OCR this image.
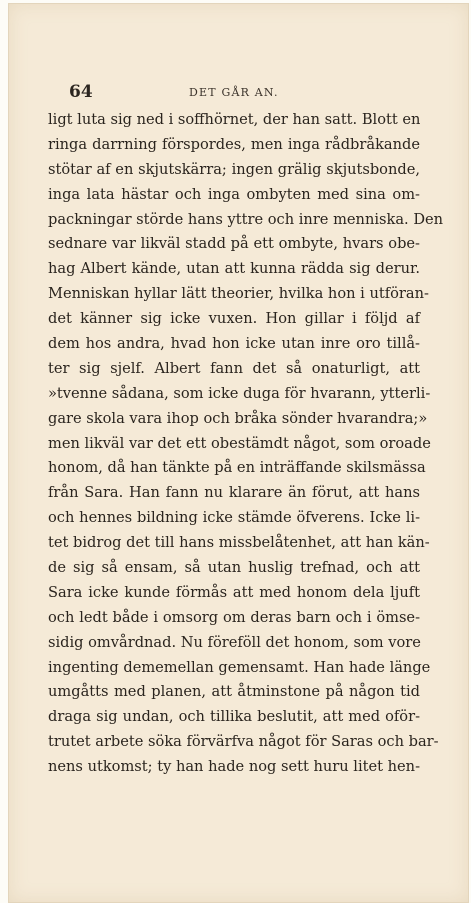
64	DET GÅR AN.
ligt luta sig ned i soffhörnet, der han satt. Blott en
ringa darrning förspordes, men inga rådbråkande
stötar af en skjutskärra; ingen grälig skjutsbonde,
inga lata hästar och inga ombyten med sina om-
packningar störde hans yttre och inre menniska. Den
sednare var likväl stadd på ett ombyte, hvars obe-
hag Albert kände, utan att kunna rädda sig derur.
Menniskan hyllar lätt theorier, hvilka hon i utföran-
det känner sig icke vuxen. Hon gillar i följd af
dem hos andra, hvad hon icke utan inre oro tillå-
ter sig sjelf. Albert fann det så onaturligt, att
»tvenne sådana, som icke duga för hvarann, ytterli-
gare skola vara ihop och bråka sönder hvarandra;»
men likväl var det ett obestämdt något, som oroade
honom, då han tänkte på en inträffande skilsmässa
från Sara. Han fann nu klarare än förut, att hans
och hennes bildning icke stämde öfverens. Icke li-
tet bidrog det till hans missbelåtenhet, att han kän-
de sig så ensam, så utan huslig trefnad, och att
Sara icke kunde förmås att med honom dela ljuft
och ledt både i omsorg om deras barn och i ömse-
sidig omvårdnad. Nu föreföll det honom, som vore
ingenting dememellan gemensamt. Han hade länge
umgåtts med planen, att åtminstone på någon tid
draga sig undan, och tillika beslutit, att med oför-
trutet arbete söka förvärfva något för Saras och bar-
nens utkomst; ty han hade nog sett huru litet hen-
